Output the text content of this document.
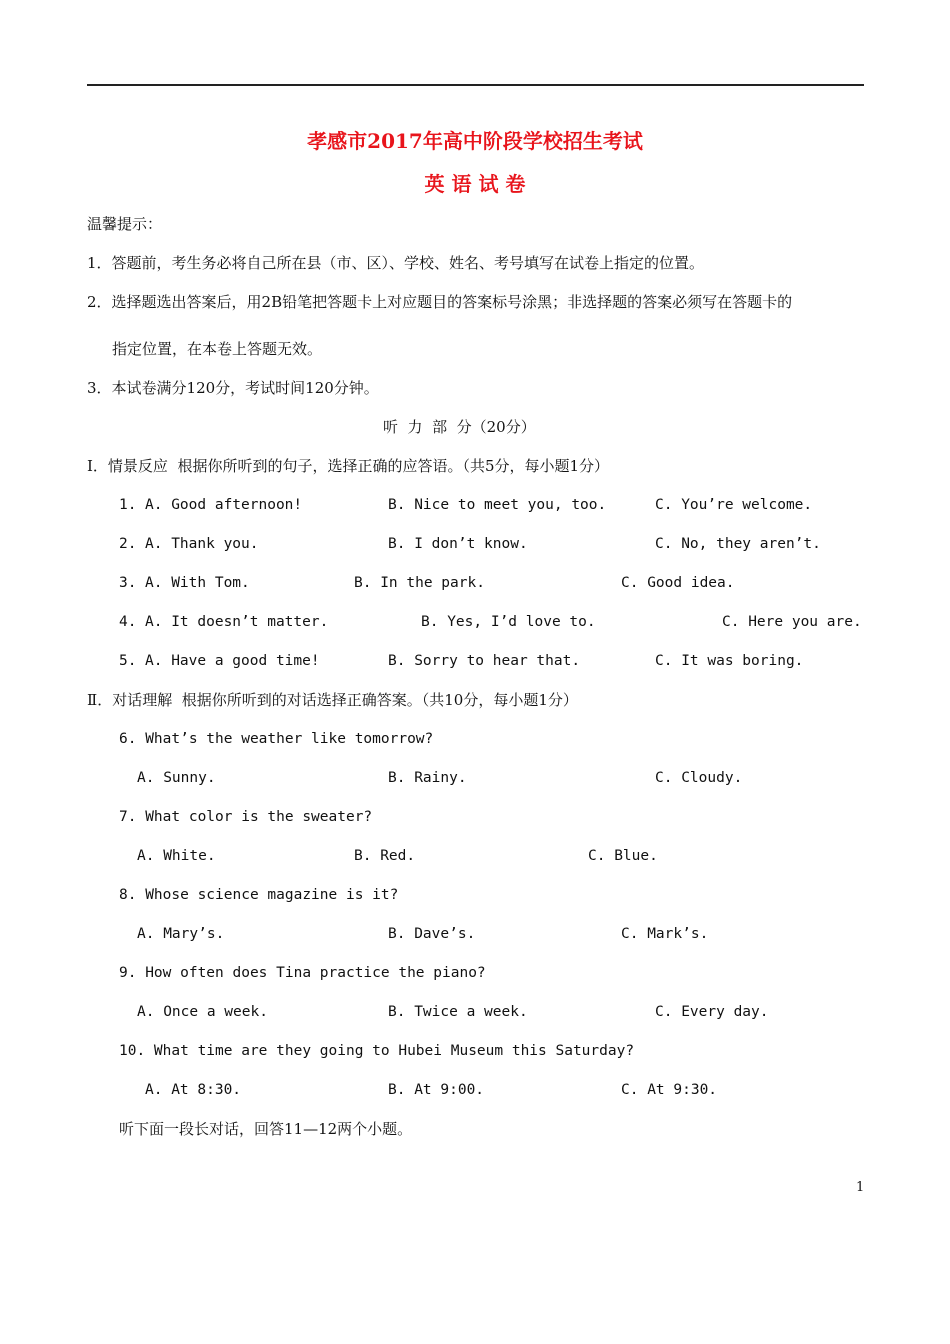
孝感市2017年高中阶段学校招生考试
英 语 试 卷
温馨提示：
1．答题前，考生务必将自己所在县（市、区）、学校、姓名、考号填写在试卷上指定的位置。
2．选择题选出答案后，用2B铅笔把答题卡上对应题目的答案标号涂黑；非选择题的答案必须写在答题卡的
指定位置，在本卷上答题无效。
3．本试卷满分120分，考试时间120分钟。
听  力  部  分（20分）
Ⅰ．情景反应  根据你所听到的句子，选择正确的应答语。（共5分，每小题1分）
1. A. Good afternoon!	B. Nice to meet you, too.	C. You’re welcome.
2. A. Thank you.	B. I don’t know.	C. No, they aren’t.
3. A. With Tom.	B. In the park.	C. Good idea.
4. A. It doesn’t matter.	B. Yes, I’d love to.	C. Here you are.
5. A. Have a good time!	B. Sorry to hear that.	C. It was boring.
Ⅱ．对话理解  根据你所听到的对话选择正确答案。（共10分，每小题1分）
6. What’s the weather like tomorrow?
A. Sunny.	B. Rainy.	C. Cloudy.
7. What color is the sweater?
A. White.	B. Red.	C. Blue.
8. Whose science magazine is it?
A. Mary’s.	B. Dave’s.	C. Mark’s.
9. How often does Tina practice the piano?
A. Once a week.	B. Twice a week.	C. Every day.
10. What time are they going to Hubei Museum this Saturday?
A. At 8:30.	B. At 9:00.	C. At 9:30.
听下面一段长对话，回答11—12两个小题。
1
